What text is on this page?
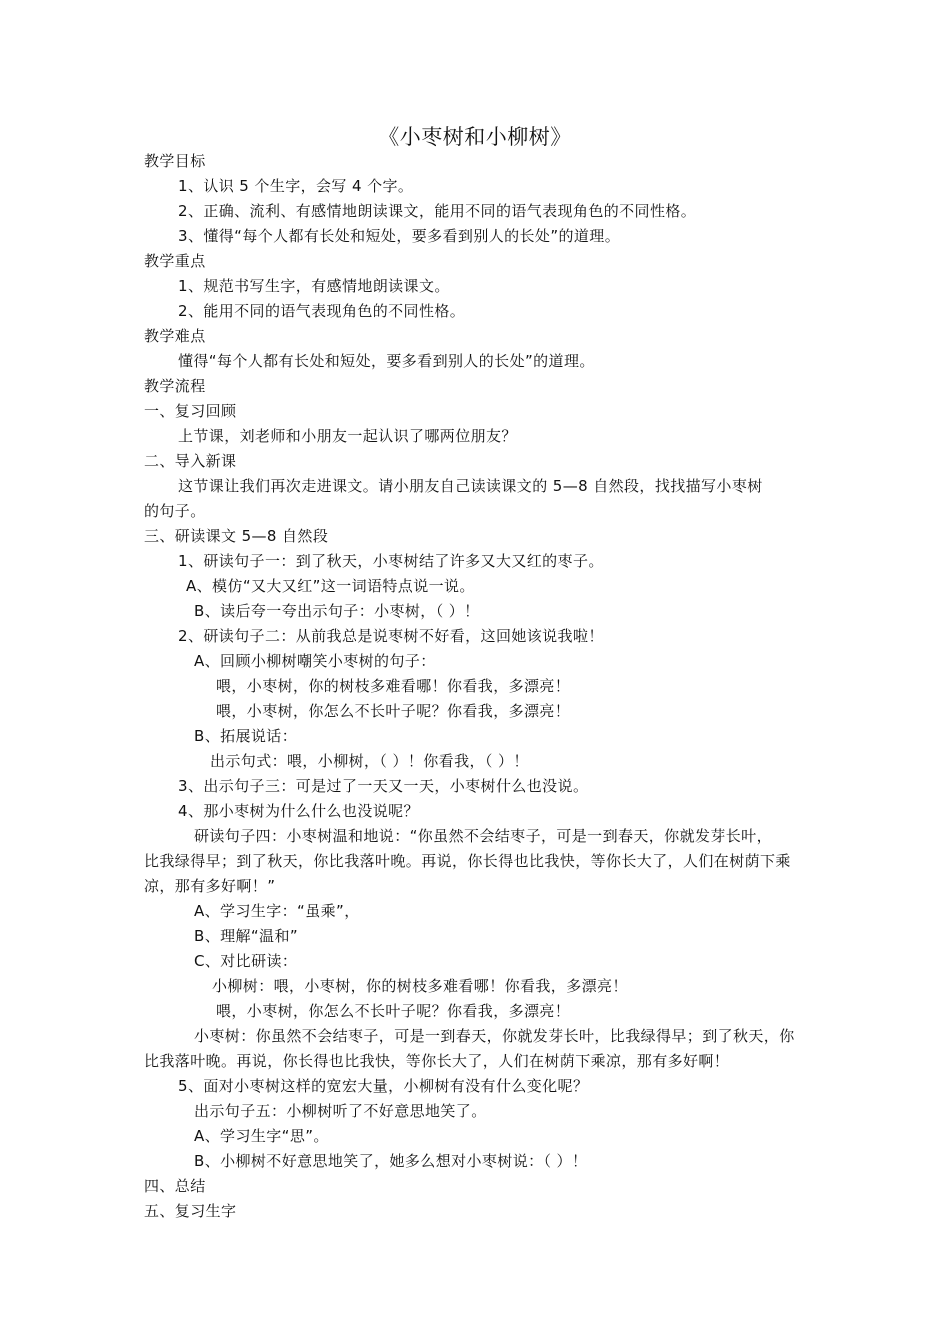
《小枣树和小柳树》
教学目标
1、认识 5 个生字，会写 4 个字。
2、正确、流利、有感情地朗读课文，能用不同的语气表现角色的不同性格。
3、懂得“每个人都有长处和短处，要多看到别人的长处”的道理。
教学重点
1、规范书写生字，有感情地朗读课文。
2、能用不同的语气表现角色的不同性格。
教学难点
懂得“每个人都有长处和短处，要多看到别人的长处”的道理。
教学流程
一、复习回顾
上节课，刘老师和小朋友一起认识了哪两位朋友？
二、导入新课
这节课让我们再次走进课文。请小朋友自己读读课文的 5—8 自然段，找找描写小枣树
的句子。
三、研读课文 5—8 自然段
1、研读句子一：到了秋天，小枣树结了许多又大又红的枣子。
A、模仿“又大又红”这一词语特点说一说。
B、读后夸一夸出示句子：小枣树，（ ）！
2、研读句子二：从前我总是说枣树不好看，这回她该说我啦！
A、回顾小柳树嘲笑小枣树的句子：
喂，小枣树，你的树枝多难看哪！你看我，多漂亮！
喂，小枣树，你怎么不长叶子呢？你看我，多漂亮！
B、拓展说话：
出示句式：喂，小柳树，（ ）！你看我，（ ）！
3、出示句子三：可是过了一天又一天，小枣树什么也没说。
4、那小枣树为什么什么也没说呢？
研读句子四：小枣树温和地说：“你虽然不会结枣子，可是一到春天，你就发芽长叶，
比我绿得早；到了秋天，你比我落叶晚。再说，你长得也比我快，等你长大了，人们在树荫下乘
凉，那有多好啊！”
A、学习生字：“虽乘”，
B、理解“温和”
C、对比研读：
小柳树：喂，小枣树，你的树枝多难看哪！你看我，多漂亮！
喂，小枣树，你怎么不长叶子呢？你看我，多漂亮！
小枣树：你虽然不会结枣子，可是一到春天，你就发芽长叶，比我绿得早；到了秋天，你
比我落叶晚。再说，你长得也比我快，等你长大了，人们在树荫下乘凉，那有多好啊！
5、面对小枣树这样的宽宏大量，小柳树有没有什么变化呢？
出示句子五：小柳树听了不好意思地笑了。
A、学习生字“思”。
B、小柳树不好意思地笑了，她多么想对小枣树说：（ ）！
四、总结
五、复习生字
